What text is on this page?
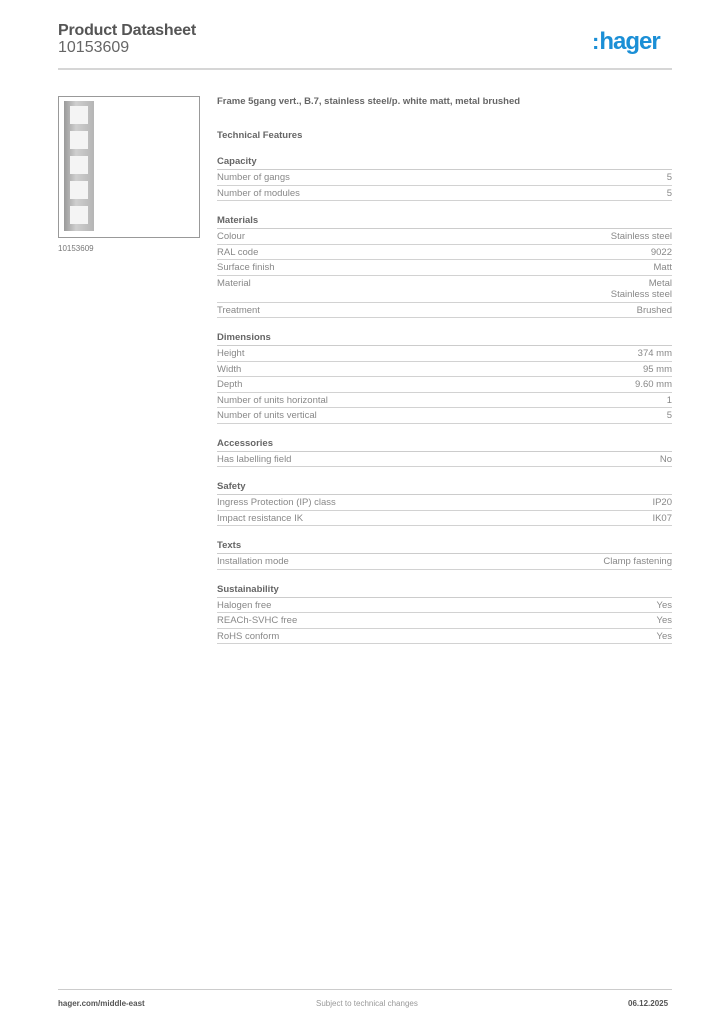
Product Datasheet
10153609	:hager
10153609
Frame 5gang vert., B.7, stainless steel/p. white matt, metal brushed
Technical Features
Capacity
Number of gangs	5
Number of modules	5
Materials
Colour	Stainless steel
RAL code	9022
Surface finish	Matt
Material	Metal
Stainless steel
Treatment	Brushed
Dimensions
Height	374 mm
Width	95 mm
Depth	9.60 mm
Number of units horizontal	1
Number of units vertical	5
Accessories
Has labelling field	No
Safety
Ingress Protection (IP) class	IP20
Impact resistance IK	IK07
Texts
Installation mode	Clamp fastening
Sustainability
Halogen free	Yes
REACh-SVHC free	Yes
RoHS conform	Yes
hager.com/middle-east	Subject to technical changes	06.12.2025
